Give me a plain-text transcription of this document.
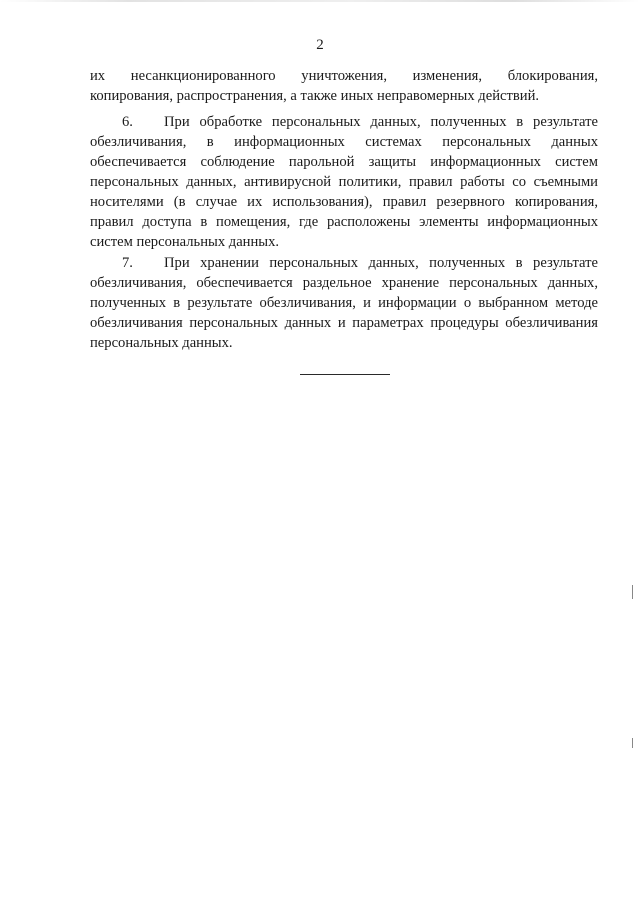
2
их несанкционированного уничтожения, изменения, блокирования,
копирования, распространения, а также иных неправомерных действий.
6. При обработке персональных данных, полученных в результате
обезличивания, в информационных системах персональных данных
обеспечивается соблюдение парольной защиты информационных систем
персональных данных, антивирусной политики, правил работы со съемными
носителями (в случае их использования), правил резервного копирования,
правил доступа в помещения, где расположены элементы информационных
систем персональных данных.
7. При хранении персональных данных, полученных в результате
обезличивания, обеспечивается раздельное хранение персональных данных,
полученных в результате обезличивания, и информации о выбранном методе
обезличивания персональных данных и параметрах процедуры обезличивания
персональных данных.
